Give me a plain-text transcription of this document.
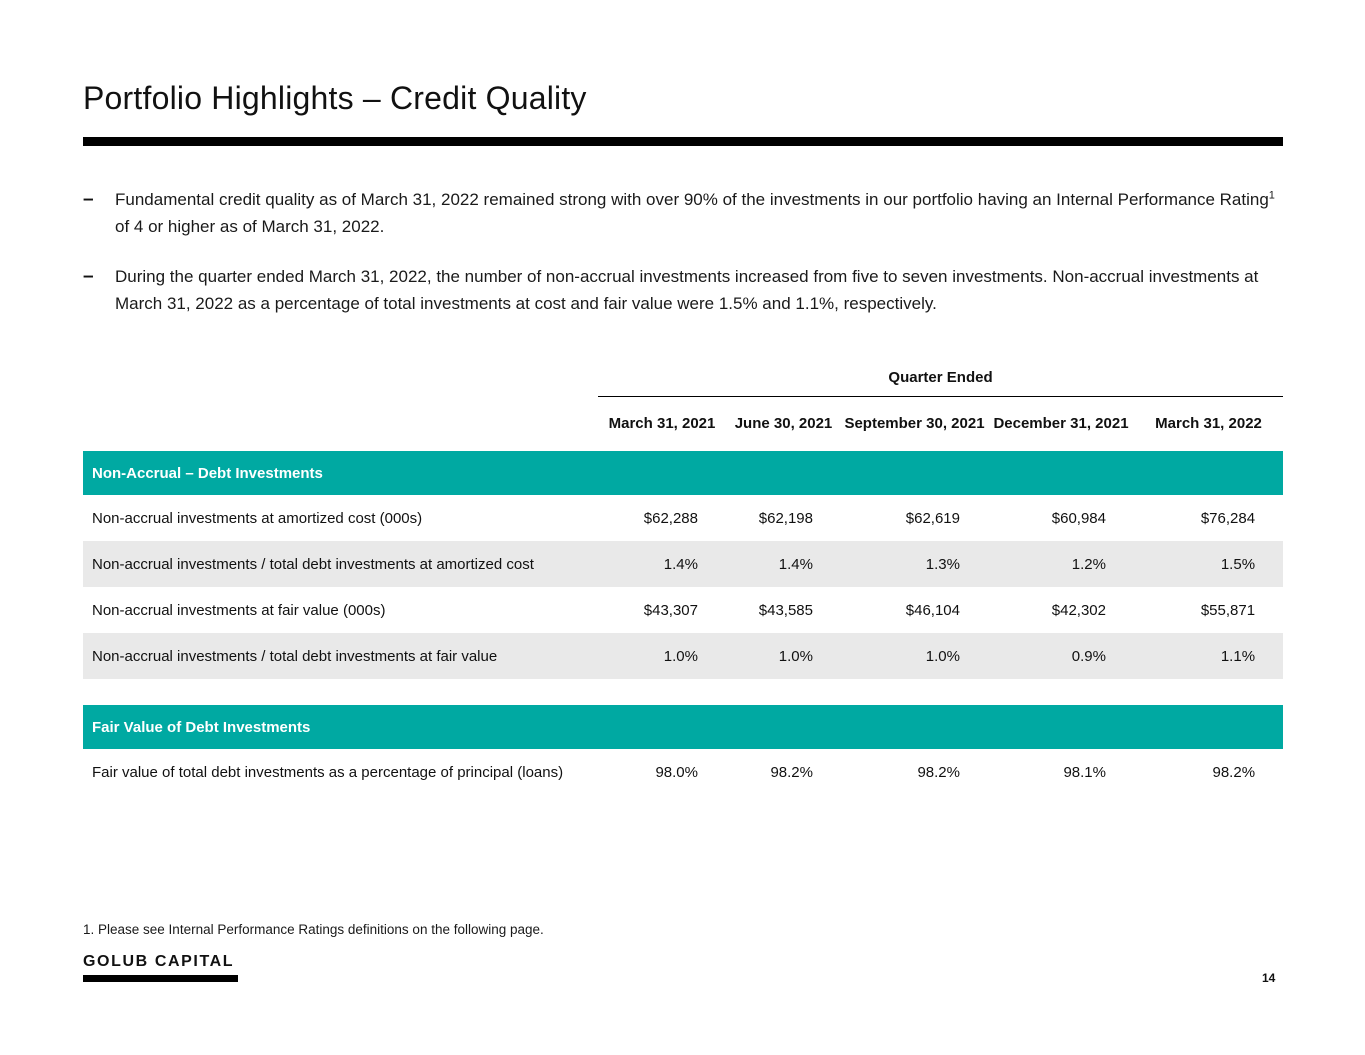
Portfolio Highlights – Credit Quality
–	Fundamental credit quality as of March 31, 2022 remained strong with over 90% of the investments in our portfolio having an Internal Performance Rating$^1$ of 4 or higher as of March 31, 2022.

–	During the quarter ended March 31, 2022, the number of non-accrual investments increased from five to seven investments. Non-accrual investments at March 31, 2022 as a percentage of total investments at cost and fair value were 1.5% and 1.1%, respectively.

	Quarter Ended				
	March 31, 2021	June 30, 2021	September 30, 2021	December 31, 2021	March 31, 2022
Non-Accrual – Debt Investments					
Non-accrual investments at amortized cost (000s)	$62,288	$62,198	$62,619	$60,984	$76,284
Non-accrual investments / total debt investments at amortized cost	1.4%	1.4%	1.3%	1.2%	1.5%
Non-accrual investments at fair value (000s)	$43,307	$43,585	$46,104	$42,302	$55,871
Non-accrual investments / total debt investments at fair value	1.0%	1.0%	1.0%	0.9%	1.1%

Fair Value of Debt Investments					
Fair value of total debt investments as a percentage of principal (loans)	98.0%	98.2%	98.2%	98.1%	98.2%
1. Please see Internal Performance Ratings definitions on the following page.
GOLUB CAPITAL
14
